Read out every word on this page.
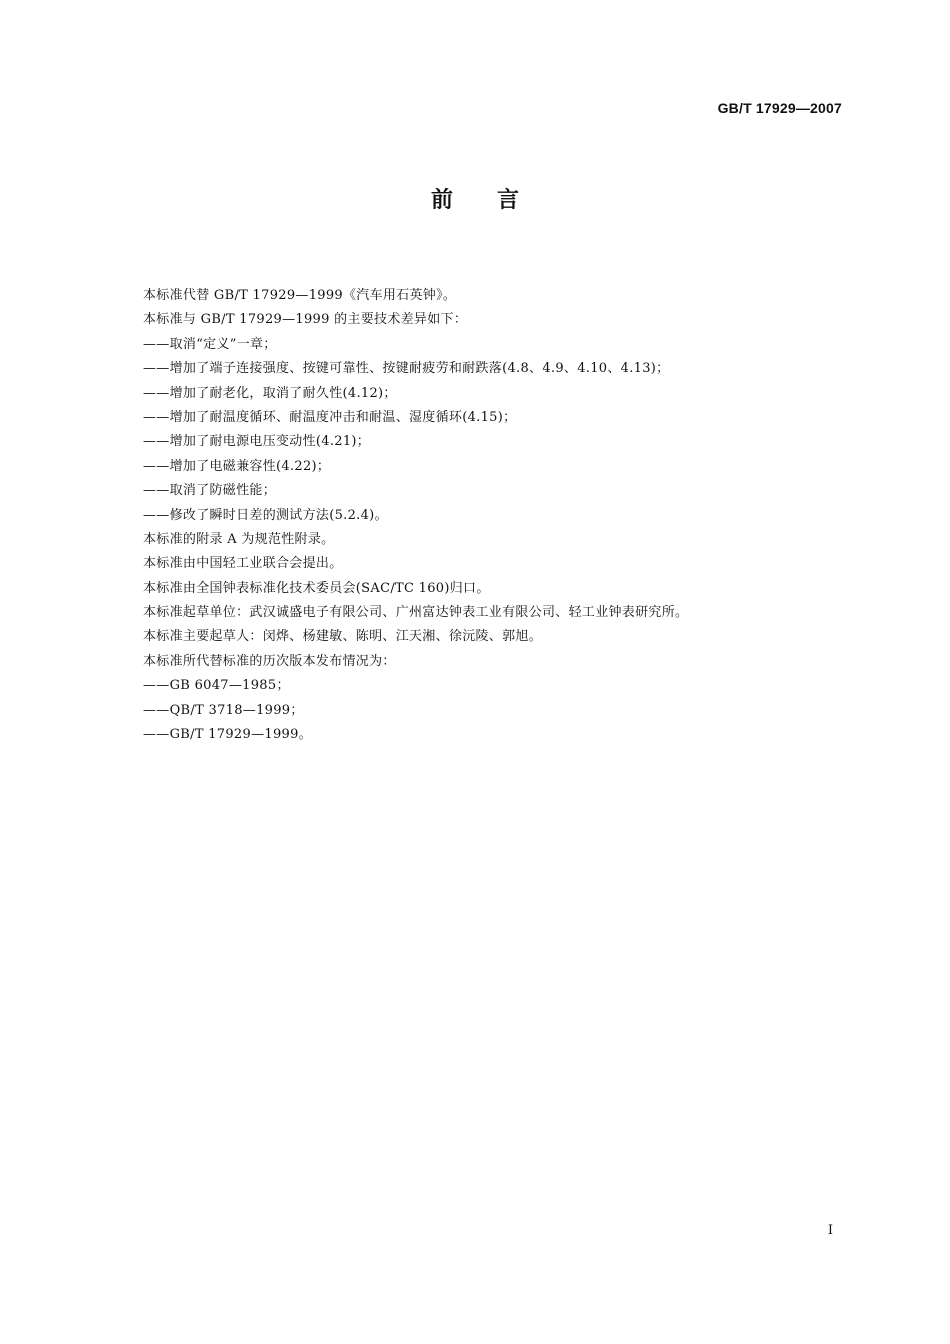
GB/T 17929—2007
前 言
本标准代替 GB/T 17929—1999《汽车用石英钟》。
本标准与 GB/T 17929—1999 的主要技术差异如下：
——取消“定义”一章；
——增加了端子连接强度、按键可靠性、按键耐疲劳和耐跌落(4.8、4.9、4.10、4.13)；
——增加了耐老化，取消了耐久性(4.12)；
——增加了耐温度循环、耐温度冲击和耐温、湿度循环(4.15)；
——增加了耐电源电压变动性(4.21)；
——增加了电磁兼容性(4.22)；
——取消了防磁性能；
——修改了瞬时日差的测试方法(5.2.4)。
本标准的附录 A 为规范性附录。
本标准由中国轻工业联合会提出。
本标准由全国钟表标准化技术委员会(SAC/TC 160)归口。
本标准起草单位：武汉诚盛电子有限公司、广州富达钟表工业有限公司、轻工业钟表研究所。
本标准主要起草人：闵烨、杨建敏、陈明、江天湘、徐沅陵、郭旭。
本标准所代替标准的历次版本发布情况为：
——GB 6047—1985；
——QB/T 3718—1999；
——GB/T 17929—1999。
I
